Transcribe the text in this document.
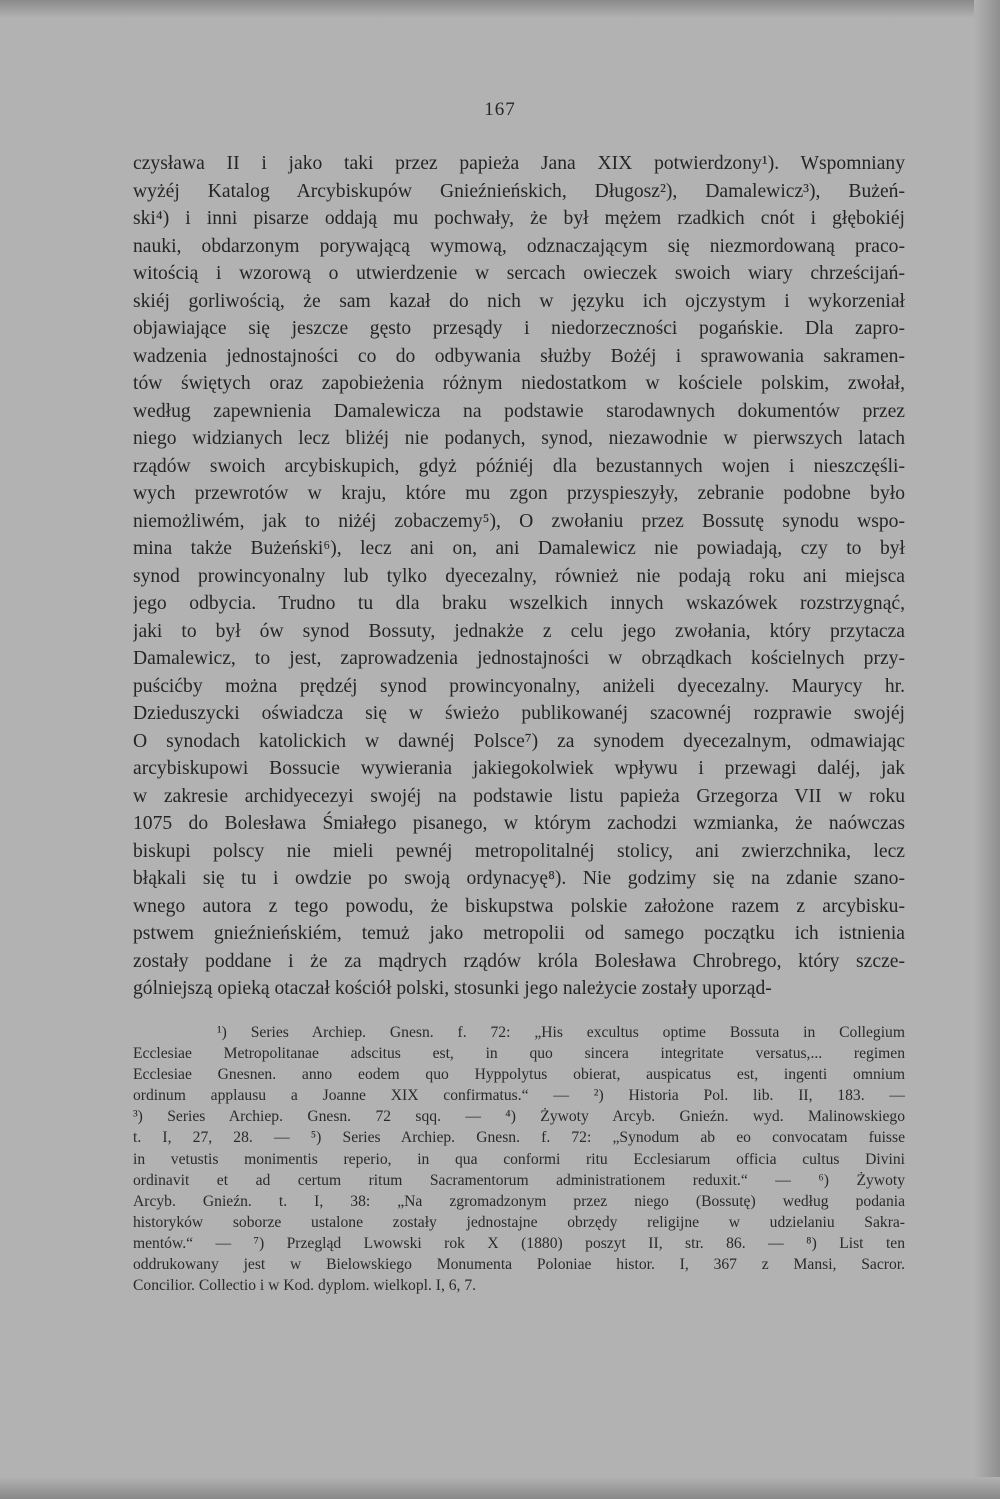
167
czysława II i jako taki przez papieża Jana XIX potwierdzony¹). Wspomniany
wyżéj Katalog Arcybiskupów Gnieźnieńskich, Długosz²), Damalewicz³), Bużeń-
ski⁴) i inni pisarze oddają mu pochwały, że był mężem rzadkich cnót i głębokiéj
nauki, obdarzonym porywającą wymową, odznaczającym się niezmordowaną praco-
witością i wzorową o utwierdzenie w sercach owieczek swoich wiary chrześcijań-
skiéj gorliwością, że sam kazał do nich w języku ich ojczystym i wykorzeniał
objawiające się jeszcze gęsto przesądy i niedorzeczności pogańskie. Dla zapro-
wadzenia jednostajności co do odbywania służby Bożéj i sprawowania sakramen-
tów świętych oraz zapobieżenia różnym niedostatkom w kościele polskim, zwołał,
według zapewnienia Damalewicza na podstawie starodawnych dokumentów przez
niego widzianych lecz bliżéj nie podanych, synod, niezawodnie w pierwszych latach
rządów swoich arcybiskupich, gdyż późniéj dla bezustannych wojen i nieszczęśli-
wych przewrotów w kraju, które mu zgon przyspieszyły, zebranie podobne było
niemożliwém, jak to niżéj zobaczemy⁵), O zwołaniu przez Bossutę synodu wspo-
mina także Bużeński⁶), lecz ani on, ani Damalewicz nie powiadają, czy to był
synod prowincyonalny lub tylko dyecezalny, również nie podają roku ani miejsca
jego odbycia. Trudno tu dla braku wszelkich innych wskazówek rozstrzygnąć,
jaki to był ów synod Bossuty, jednakże z celu jego zwołania, który przytacza
Damalewicz, to jest, zaprowadzenia jednostajności w obrządkach kościelnych przy-
puścićby można prędzéj synod prowincyonalny, aniżeli dyecezalny. Maurycy hr.
Dzieduszycki oświadcza się w świeżo publikowanéj szacownéj rozprawie swojéj
O synodach katolickich w dawnéj Polsce⁷) za synodem dyecezalnym, odmawiając
arcybiskupowi Bossucie wywierania jakiegokolwiek wpływu i przewagi daléj, jak
w zakresie archidyecezyi swojéj na podstawie listu papieża Grzegorza VII w roku
1075 do Bolesława Śmiałego pisanego, w którym zachodzi wzmianka, że naówczas
biskupi polscy nie mieli pewnéj metropolitalnéj stolicy, ani zwierzchnika, lecz
błąkali się tu i owdzie po swoją ordynacyę⁸). Nie godzimy się na zdanie szano-
wnego autora z tego powodu, że biskupstwa polskie założone razem z arcybisku-
pstwem gnieźnieńskiém, temuż jako metropolii od samego początku ich istnienia
zostały poddane i że za mądrych rządów króla Bolesława Chrobrego, który szcze-
gólniejszą opieką otaczał kościół polski, stosunki jego należycie zostały uporząd-
¹) Series Archiep. Gnesn. f. 72: „His excultus optime Bossuta in Collegium
Ecclesiae Metropolitanae adscitus est, in quo sincera integritate versatus,... regimen
Ecclesiae Gnesnen. anno eodem quo Hyppolytus obierat, auspicatus est, ingenti omnium
ordinum applausu a Joanne XIX confirmatus.“ — ²) Historia Pol. lib. II, 183. —
³) Series Archiep. Gnesn. 72 sqq. — ⁴) Żywoty Arcyb. Gnieźn. wyd. Malinowskiego
t. I, 27, 28. — ⁵) Series Archiep. Gnesn. f. 72: „Synodum ab eo convocatam fuisse
in vetustis monimentis reperio, in qua conformi ritu Ecclesiarum officia cultus Divini
ordinavit et ad certum ritum Sacramentorum administrationem reduxit.“ — ⁶) Żywoty
Arcyb. Gnieźn. t. I, 38: „Na zgromadzonym przez niego (Bossutę) według podania
historyków soborze ustalone zostały jednostajne obrzędy religijne w udzielaniu Sakra-
mentów.“ — ⁷) Przegląd Lwowski rok X (1880) poszyt II, str. 86. — ⁸) List ten
oddrukowany jest w Bielowskiego Monumenta Poloniae histor. I, 367 z Mansi, Sacror.
Concilior. Collectio i w Kod. dyplom. wielkopl. I, 6, 7.
